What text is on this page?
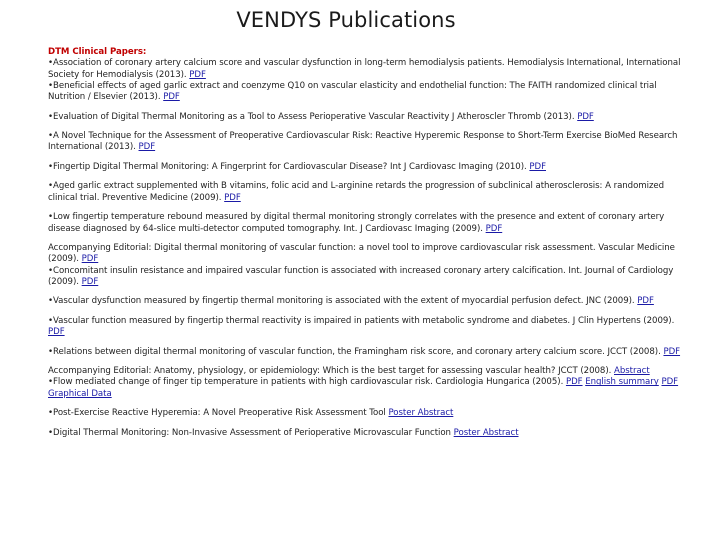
VENDYS Publications
DTM Clinical Papers:
•Association of coronary artery calcium score and vascular dysfunction in long-term hemodialysis patients. Hemodialysis International, International Society for Hemodialysis (2013). PDF
•Beneficial effects of aged garlic extract and coenzyme Q10 on vascular elasticity and endothelial function: The FAITH randomized clinical trial Nutrition / Elsevier (2013). PDF
•Evaluation of Digital Thermal Monitoring as a Tool to Assess Perioperative Vascular Reactivity J Atheroscler Thromb (2013). PDF
•A Novel Technique for the Assessment of Preoperative Cardiovascular Risk: Reactive Hyperemic Response to Short-Term Exercise BioMed Research International (2013). PDF
•Fingertip Digital Thermal Monitoring: A Fingerprint for Cardiovascular Disease? Int J Cardiovasc Imaging (2010). PDF
•Aged garlic extract supplemented with B vitamins, folic acid and L-arginine retards the progression of subclinical atherosclerosis: A randomized clinical trial. Preventive Medicine (2009). PDF
•Low fingertip temperature rebound measured by digital thermal monitoring strongly correlates with the presence and extent of coronary artery disease diagnosed by 64-slice multi-detector computed tomography. Int. J Cardiovasc Imaging (2009). PDF
Accompanying Editorial: Digital thermal monitoring of vascular function: a novel tool to improve cardiovascular risk assessment. Vascular Medicine (2009). PDF
•Concomitant insulin resistance and impaired vascular function is associated with increased coronary artery calcification. Int. Journal of Cardiology (2009). PDF
•Vascular dysfunction measured by fingertip thermal monitoring is associated with the extent of myocardial perfusion defect. JNC (2009). PDF
•Vascular function measured by fingertip thermal reactivity is impaired in patients with metabolic syndrome and diabetes. J Clin Hypertens (2009). PDF
•Relations between digital thermal monitoring of vascular function, the Framingham risk score, and coronary artery calcium score. JCCT (2008). PDF
Accompanying Editorial: Anatomy, physiology, or epidemiology: Which is the best target for assessing vascular health? JCCT (2008). Abstract
•Flow mediated change of finger tip temperature in patients with high cardiovascular risk. Cardiologia Hungarica (2005). PDF English summary PDF Graphical Data
•Post-Exercise Reactive Hyperemia: A Novel Preoperative Risk Assessment Tool Poster Abstract
•Digital Thermal Monitoring: Non-Invasive Assessment of Perioperative Microvascular Function Poster Abstract
